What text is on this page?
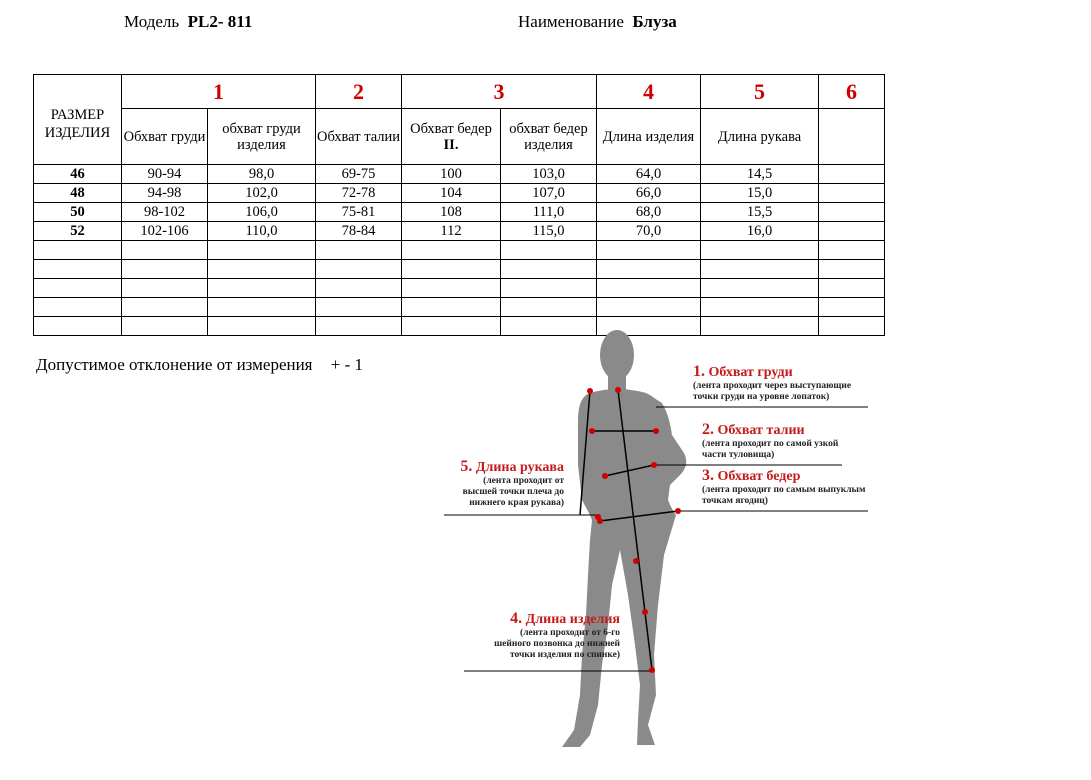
Модель PL2- 811	Наименование Блуза
РАЗМЕР ИЗДЕЛИЯ	1		2	3		4	5	6
	Обхват груди	обхват груди изделия	Обхват талии	Обхват бедер
II.	обхват бедер изделия	Длина изделия	Длина рукава	
46	90-94	98,0	69-75	100	103,0	64,0	14,5	
48	94-98	102,0	72-78	104	107,0	66,0	15,0	
50	98-102	106,0	75-81	108	111,0	68,0	15,5	
52	102-106	110,0	78-84	112	115,0	70,0	16,0	

Допустимое отклонение от измерения + - 1	1. Обхват груди
(лента проходит через выступающие
точки груди на уровне лопаток)
2. Обхват талии
(лента проходит по самой узкой
части туловища)
3. Обхват бедер
(лента проходит по самым выпуклым
точкам ягодиц)
5. Длина рукава
(лента проходит от
высшей точки плеча до
нижнего края рукава)
4. Длина изделия
(лента проходит от 6-го
шейного позвонка до нижней
точки изделия по спинке)
